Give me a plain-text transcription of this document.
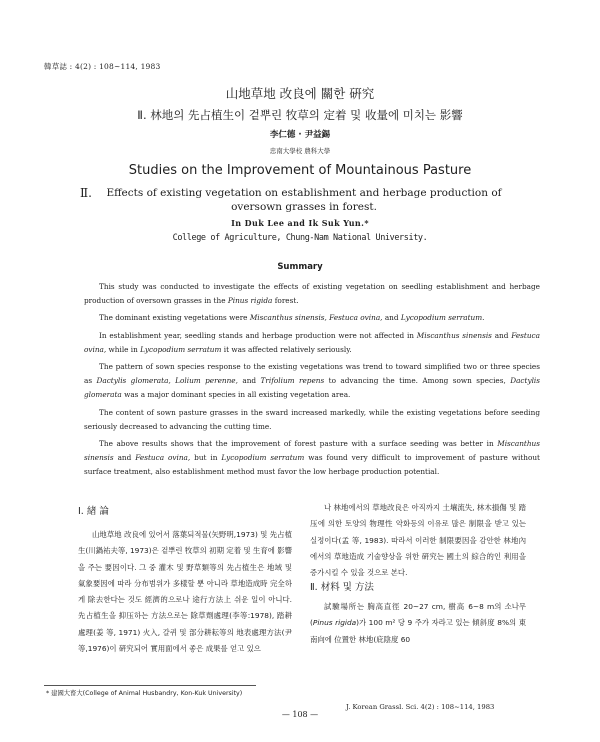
韓草誌 : 4(2) : 108~114, 1983
山地草地 改良에 關한 硏究
Ⅱ. 林地의 先占植生이 겉뿌린 牧草의 定着 및 收量에 미치는 影響
李仁德 · 尹益錫
忠南大學校 農科大學
Studies on the Improvement of Mountainous Pasture
Ⅱ.	Effects of existing vegetation on establishment and herbage production of
oversown grasses in forest.
In Duk Lee and Ik Suk Yun.*
College of Agriculture, Chung-Nam National University.
Summary

This study was conducted to investigate the effects of existing vegetation on seedling establishment and herbage production of oversown grasses in the Pinus rigida forest.

The dominant existing vegetations were Miscanthus sinensis, Festuca ovina, and Lycopodium serratum.

In establishment year, seedling stands and herbage production were not affected in Miscanthus sinensis and Festuca ovina, while in Lycopodium serratum it was affected relatively seriously.

The pattern of sown species response to the existing vegetations was trend to toward simplified two or three species as Dactylis glomerata, Lolium perenne, and Trifolium repens to advancing the time. Among sown species, Dactylis glomerata was a major dominant species in all existing vegetation area.

The content of sown pasture grasses in the sward increased markedly, while the existing vegetations before seeding seriously decreased to advancing the cutting time.

The above results shows that the improvement of forest pasture with a surface seeding was better in Miscanthus sinensis and Festuca ovina, but in Lycopodium serratum was found very difficult to improvement of pasture without surface treatment, also establishment method must favor the low herbage production potential.

Ⅰ. 緖 論

山地草地 改良에 있어서 落葉되적물(矢野明,1973) 및 先占植生(川鍋祐夫等, 1973)은 겉뿌린 牧草의 初期 定着 및 生育에 影響을 주는 要因이다. 그 중 灌木 및 野草類等의 先占植生은 地域 및 氣象要因에 따라 分布범위가 多樣할 뿐 아니라 草地造成時 完全하게 除去한다는 것도 經濟的으로나 途行方法上 쉬운 일이 아니다. 先占植生을 抑压하는 方法으로는 除草劑處理(李等:1978), 踏耕處理(姜 等, 1971) 火入, 갈퀴 및 部分耕耘等의 地表處理方法(尹等,1976)이 硏究되어 實用面에서 좋은 成果를 얻고 있으

나 林地에서의 草地改良은 아직까지 土壤流失, 林木損傷 및 踏压에 의한 토양의 物理性 악화등의 이유로 많은 制限을 받고 있는 실정이다(孟 等, 1983). 따라서 이러한 制限要因을 감안한 林地內에서의 草地造成 기술향상을 위한 硏究는 國土의 綜合的인 利用을 증가시킬 수 있을 것으로 본다.

Ⅱ. 材料 및 方法

試驗場所는 胸高直徑 20~27 cm, 樹高 6~8 m의 소나무(Pinus rigida)가 100 m² 당 9 주가 자라고 있는 傾斜度 8%의 東南向에 位置한 林地(庇陰度 60

* 建國大畜大(College of Animal Husbandry, Kon-Kuk University)
J. Korean Grassl. Sci. 4(2) : 108~114, 1983
— 108 —
